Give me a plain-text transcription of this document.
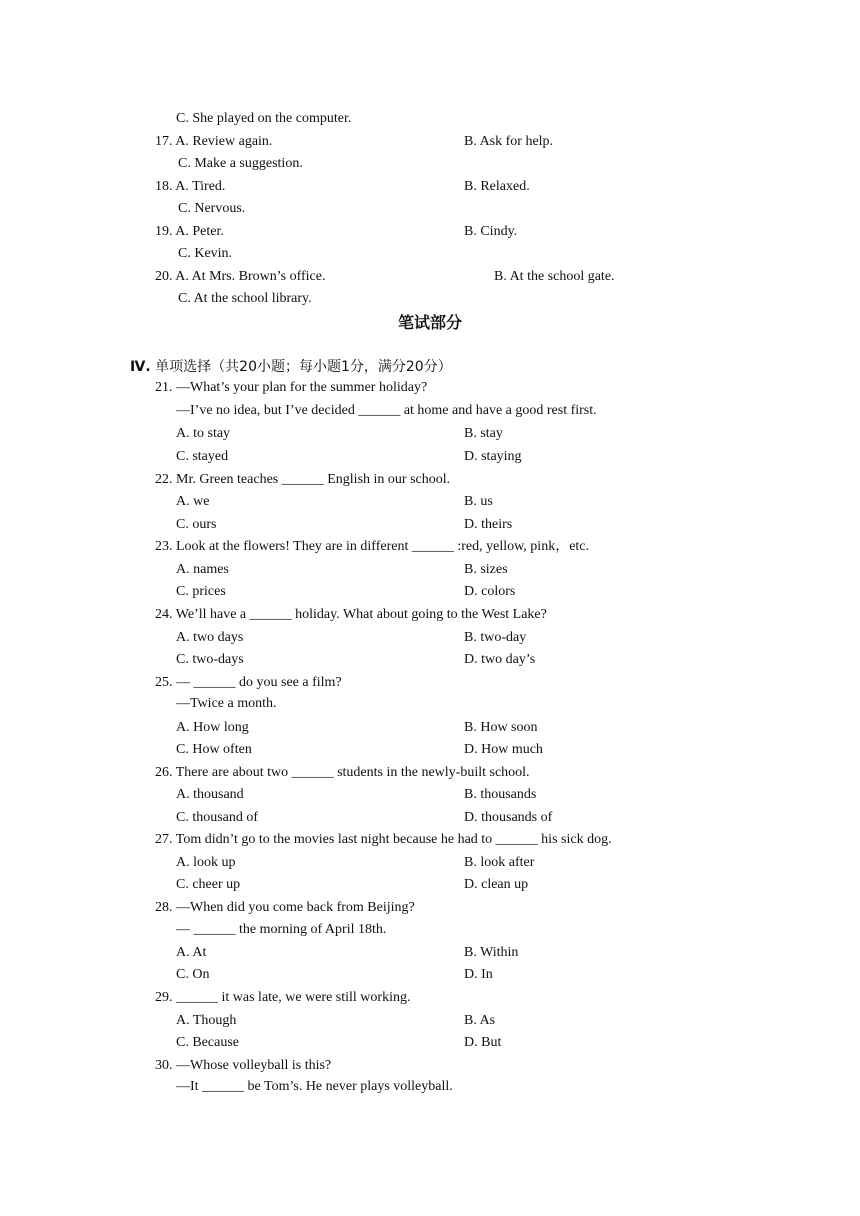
C. She played on the computer.
17. A. Review again.	B. Ask for help.
C. Make a suggestion.
18. A. Tired.	B. Relaxed.
C. Nervous.
19. A. Peter.	B. Cindy.
C. Kevin.
20. A. At Mrs. Brown’s office.	B. At the school gate.
C. At the school library.
笔试部分
Ⅳ. 单项选择（共20小题；每小题1分，满分20分）
21. —What’s your plan for the summer holiday?
—I’ve no idea, but I’ve decided ______ at home and have a good rest first.
A. to stay	B. stay
C. stayed	D. staying
22. Mr. Green teaches ______ English in our school.
A. we	B. us
C. ours	D. theirs
23. Look at the flowers! They are in different ______ :red, yellow, pink，etc.
A. names	B. sizes
C. prices	D. colors
24. We’ll have a ______ holiday. What about going to the West Lake?
A. two days	B. two-day
C. two-days	D. two day’s
25. — ______ do you see a film?
—Twice a month.
A. How long	B. How soon
C. How often	D. How much
26. There are about two ______ students in the newly-built school.
A. thousand	B. thousands
C. thousand of	D. thousands of
27. Tom didn’t go to the movies last night because he had to ______ his sick dog.
A. look up	B. look after
C. cheer up	D. clean up
28. —When did you come back from Beijing?
— ______ the morning of April 18th.
A. At	B. Within
C. On	D. In
29. ______ it was late, we were still working.
A. Though	B. As
C. Because	D. But
30. —Whose volleyball is this?
—It ______ be Tom’s. He never plays volleyball.
